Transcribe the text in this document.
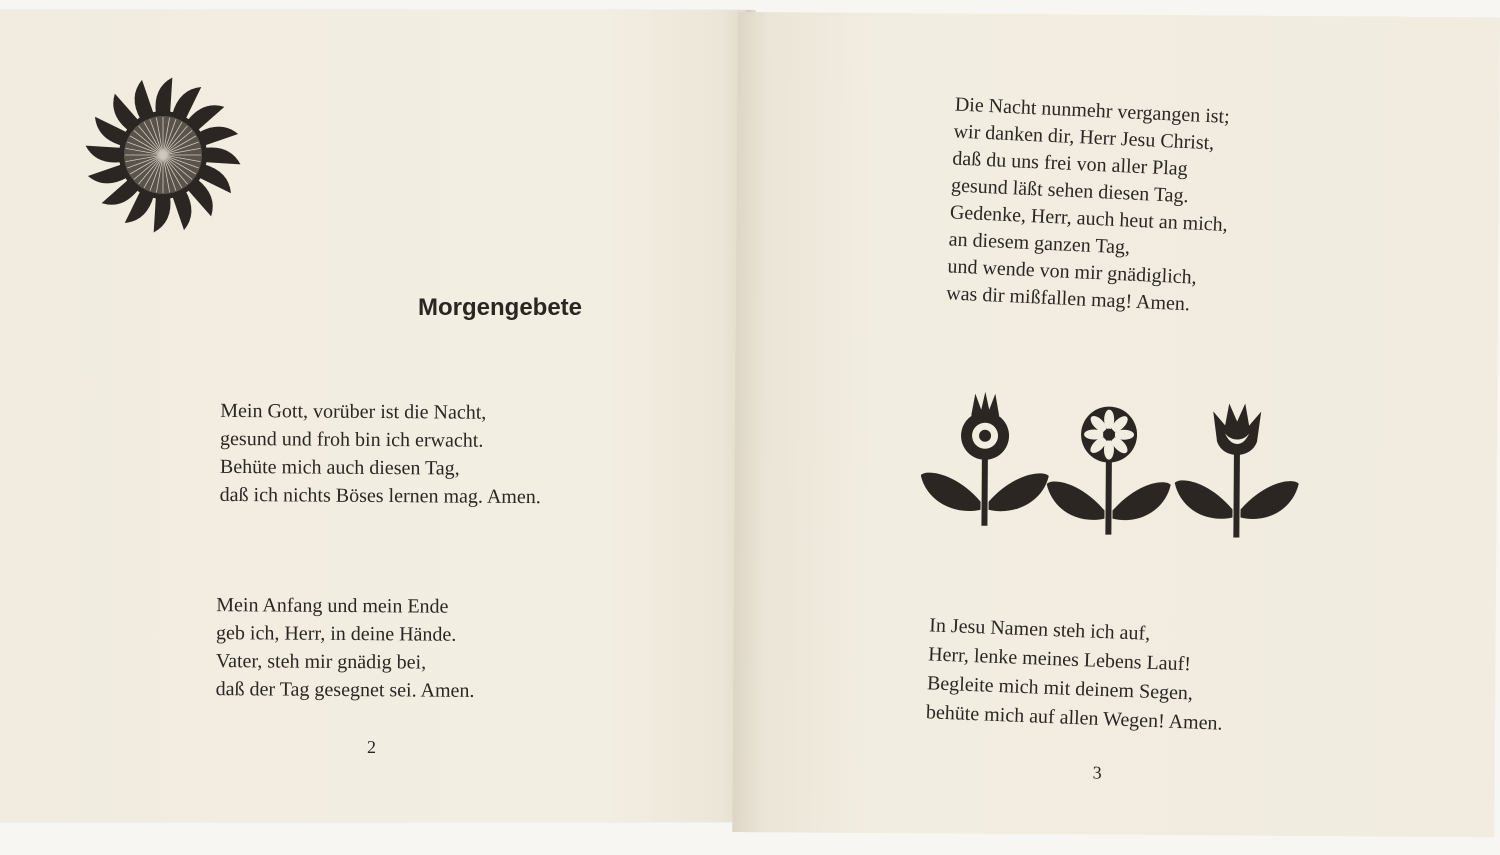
Morgengebete
Mein Gott, vorüber ist die Nacht,
gesund und froh bin ich erwacht.
Behüte mich auch diesen Tag,
daß ich nichts Böses lernen mag. Amen.
Mein Anfang und mein Ende
geb ich, Herr, in deine Hände.
Vater, steh mir gnädig bei,
daß der Tag gesegnet sei. Amen.
2
Die Nacht nunmehr vergangen ist;
wir danken dir, Herr Jesu Christ,
daß du uns frei von aller Plag
gesund läßt sehen diesen Tag.
Gedenke, Herr, auch heut an mich,
an diesem ganzen Tag,
und wende von mir gnädiglich,
was dir mißfallen mag! Amen.
In Jesu Namen steh ich auf,
Herr, lenke meines Lebens Lauf!
Begleite mich mit deinem Segen,
behüte mich auf allen Wegen! Amen.
3
